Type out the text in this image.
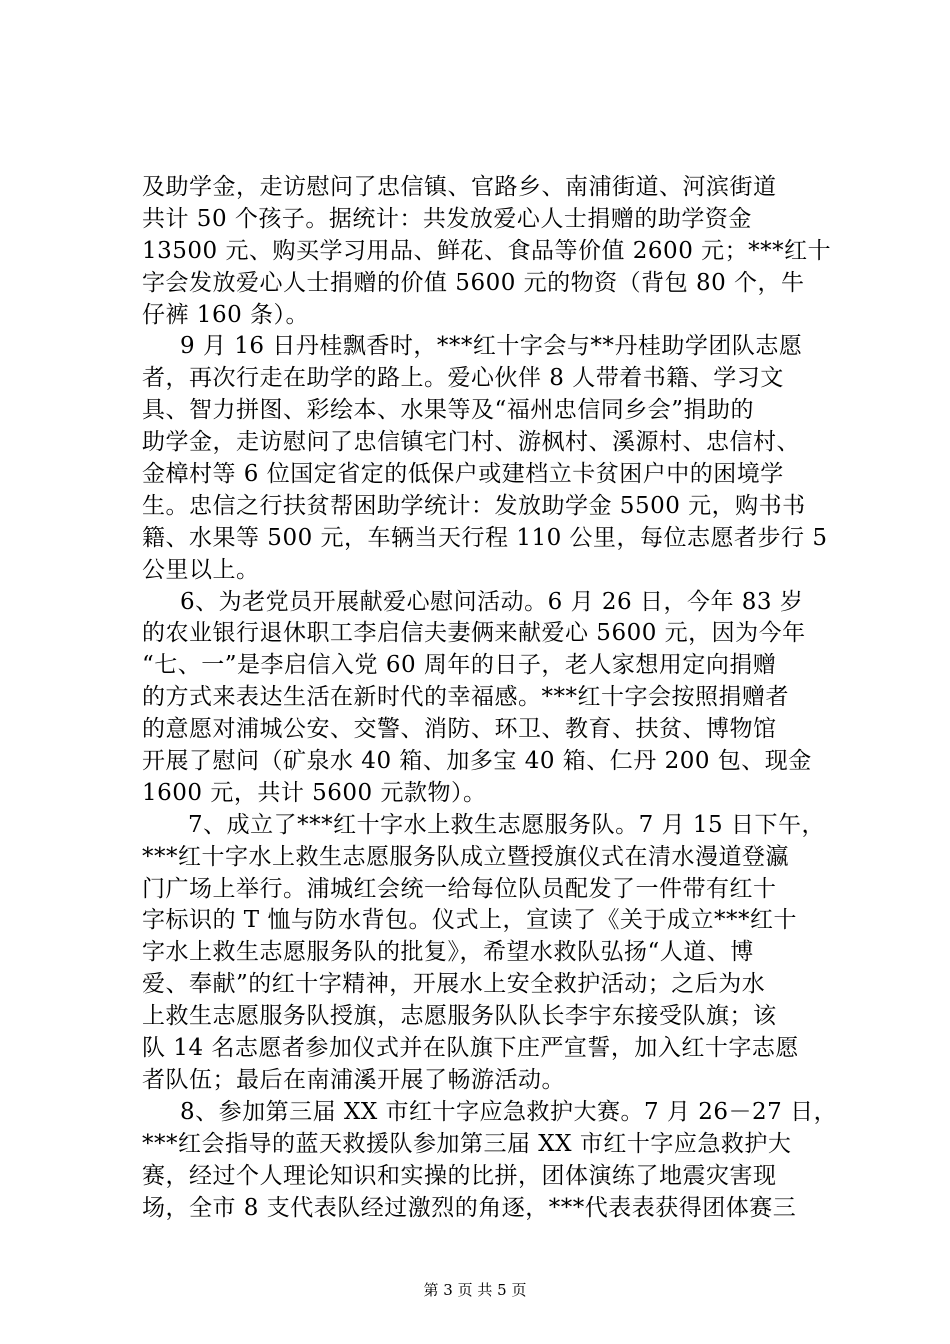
及助学金，走访慰问了忠信镇、官路乡、南浦街道、河滨街道
共计 50 个孩子。据统计：共发放爱心人士捐赠的助学资金
13500 元、购买学习用品、鲜花、食品等价值 2600 元；***红十
字会发放爱心人士捐赠的价值 5600 元的物资（背包 80 个，牛
仔裤 160 条）。
9 月 16 日丹桂飘香时，***红十字会与**丹桂助学团队志愿
者，再次行走在助学的路上。爱心伙伴 8 人带着书籍、学习文
具、智力拼图、彩绘本、水果等及“福州忠信同乡会”捐助的
助学金，走访慰问了忠信镇宅门村、游枫村、溪源村、忠信村、
金樟村等 6 位国定省定的低保户或建档立卡贫困户中的困境学
生。忠信之行扶贫帮困助学统计：发放助学金 5500 元，购书书
籍、水果等 500 元，车辆当天行程 110 公里，每位志愿者步行 5
公里以上。
6、为老党员开展献爱心慰问活动。6 月 26 日，今年 83 岁
的农业银行退休职工李启信夫妻俩来献爱心 5600 元，因为今年
“七、一”是李启信入党 60 周年的日子，老人家想用定向捐赠
的方式来表达生活在新时代的幸福感。***红十字会按照捐赠者
的意愿对浦城公安、交警、消防、环卫、教育、扶贫、博物馆
开展了慰问（矿泉水 40 箱、加多宝 40 箱、仁丹 200 包、现金
1600 元，共计 5600 元款物）。
7、成立了***红十字水上救生志愿服务队。7 月 15 日下午，
***红十字水上救生志愿服务队成立暨授旗仪式在清水漫道登瀛
门广场上举行。浦城红会统一给每位队员配发了一件带有红十
字标识的 T 恤与防水背包。仪式上，宣读了《关于成立***红十
字水上救生志愿服务队的批复》，希望水救队弘扬“人道、博
爱、奉献”的红十字精神，开展水上安全救护活动；之后为水
上救生志愿服务队授旗，志愿服务队队长李宇东接受队旗；该
队 14 名志愿者参加仪式并在队旗下庄严宣誓，加入红十字志愿
者队伍；最后在南浦溪开展了畅游活动。
8、参加第三届 XX 市红十字应急救护大赛。7 月 26－27 日，
***红会指导的蓝天救援队参加第三届 XX 市红十字应急救护大
赛，经过个人理论知识和实操的比拼，团体演练了地震灾害现
场，全市 8 支代表队经过激烈的角逐，***代表表获得团体赛三
第 3 页 共 5 页
